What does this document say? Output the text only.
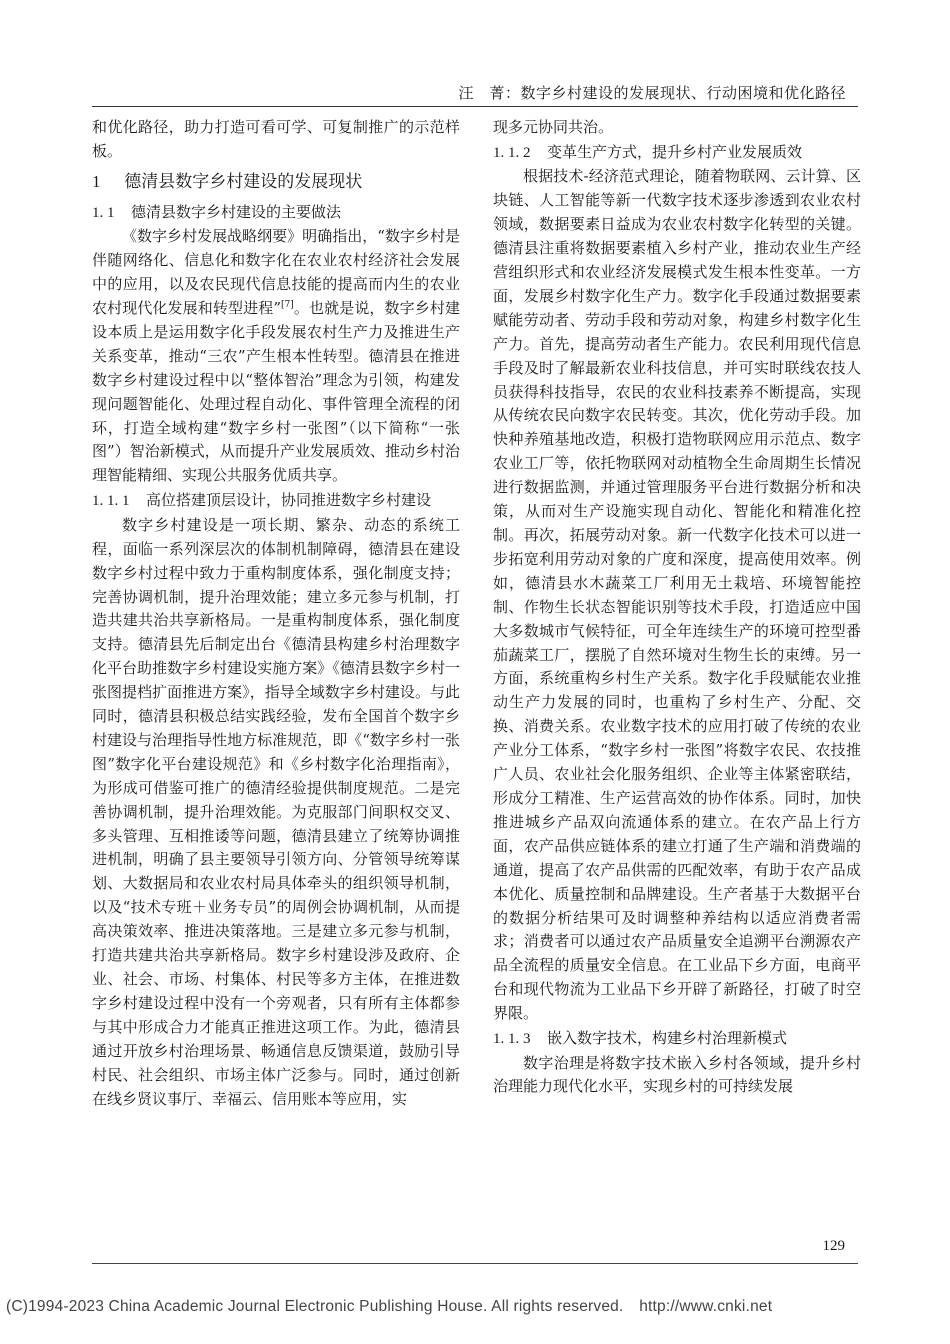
汪　菁：数字乡村建设的发展现状、行动困境和优化路径

和优化路径，助力打造可看可学、可复制推广的示范样板。

1 德清县数字乡村建设的发展现状
1. 1 德清县数字乡村建设的主要做法

《数字乡村发展战略纲要》明确指出，“数字乡村是伴随网络化、信息化和数字化在农业农村经济社会发展中的应用，以及农民现代信息技能的提高而内生的农业农村现代化发展和转型进程”[7]。也就是说，数字乡村建设本质上是运用数字化手段发展农村生产力及推进生产关系变革，推动“三农”产生根本性转型。德清县在推进数字乡村建设过程中以“整体智治”理念为引领，构建发现问题智能化、处理过程自动化、事件管理全流程的闭环，打造全域构建“数字乡村一张图”（以下简称“一张图”）智治新模式，从而提升产业发展质效、推动乡村治理智能精细、实现公共服务优质共享。

1. 1. 1 高位搭建顶层设计，协同推进数字乡村建设

数字乡村建设是一项长期、繁杂、动态的系统工程，面临一系列深层次的体制机制障碍，德清县在建设数字乡村过程中致力于重构制度体系，强化制度支持；完善协调机制，提升治理效能；建立多元参与机制，打造共建共治共享新格局。一是重构制度体系，强化制度支持。德清县先后制定出台《德清县构建乡村治理数字化平台助推数字乡村建设实施方案》《德清县数字乡村一张图提档扩面推进方案》，指导全域数字乡村建设。与此同时，德清县积极总结实践经验，发布全国首个数字乡村建设与治理指导性地方标准规范，即《“数字乡村一张图”数字化平台建设规范》和《乡村数字化治理指南》，为形成可借鉴可推广的德清经验提供制度规范。二是完善协调机制，提升治理效能。为克服部门间职权交叉、多头管理、互相推诿等问题，德清县建立了统筹协调推进机制，明确了县主要领导引领方向、分管领导统筹谋划、大数据局和农业农村局具体牵头的组织领导机制，以及“技术专班＋业务专员”的周例会协调机制，从而提高决策效率、推进决策落地。三是建立多元参与机制，打造共建共治共享新格局。数字乡村建设涉及政府、企业、社会、市场、村集体、村民等多方主体，在推进数字乡村建设过程中没有一个旁观者，只有所有主体都参与其中形成合力才能真正推进这项工作。为此，德清县通过开放乡村治理场景、畅通信息反馈渠道，鼓励引导村民、社会组织、市场主体广泛参与。同时，通过创新在线乡贤议事厅、幸福云、信用账本等应用，实

现多元协同共治。

1. 1. 2 变革生产方式，提升乡村产业发展质效

根据技术-经济范式理论，随着物联网、云计算、区块链、人工智能等新一代数字技术逐步渗透到农业农村领域，数据要素日益成为农业农村数字化转型的关键。德清县注重将数据要素植入乡村产业，推动农业生产经营组织形式和农业经济发展模式发生根本性变革。一方面，发展乡村数字化生产力。数字化手段通过数据要素赋能劳动者、劳动手段和劳动对象，构建乡村数字化生产力。首先，提高劳动者生产能力。农民利用现代信息手段及时了解最新农业科技信息，并可实时联线农技人员获得科技指导，农民的农业科技素养不断提高，实现从传统农民向数字农民转变。其次，优化劳动手段。加快种养殖基地改造，积极打造物联网应用示范点、数字农业工厂等，依托物联网对动植物全生命周期生长情况进行数据监测，并通过管理服务平台进行数据分析和决策，从而对生产设施实现自动化、智能化和精准化控制。再次，拓展劳动对象。新一代数字化技术可以进一步拓宽利用劳动对象的广度和深度，提高使用效率。例如，德清县水木蔬菜工厂利用无土栽培、环境智能控制、作物生长状态智能识别等技术手段，打造适应中国大多数城市气候特征，可全年连续生产的环境可控型番茄蔬菜工厂，摆脱了自然环境对生物生长的束缚。另一方面，系统重构乡村生产关系。数字化手段赋能农业推动生产力发展的同时，也重构了乡村生产、分配、交换、消费关系。农业数字技术的应用打破了传统的农业产业分工体系，“数字乡村一张图”将数字农民、农技推广人员、农业社会化服务组织、企业等主体紧密联结，形成分工精准、生产运营高效的协作体系。同时，加快推进城乡产品双向流通体系的建立。在农产品上行方面，农产品供应链体系的建立打通了生产端和消费端的通道，提高了农产品供需的匹配效率，有助于农产品成本优化、质量控制和品牌建设。生产者基于大数据平台的数据分析结果可及时调整种养结构以适应消费者需求；消费者可以通过农产品质量安全追溯平台溯源农产品全流程的质量安全信息。在工业品下乡方面，电商平台和现代物流为工业品下乡开辟了新路径，打破了时空界限。

1. 1. 3 嵌入数字技术，构建乡村治理新模式

数字治理是将数字技术嵌入乡村各领域，提升乡村治理能力现代化水平，实现乡村的可持续发展

129
(C)1994-2023 China Academic Journal Electronic Publishing House. All rights reserved.　http://www.cnki.net
